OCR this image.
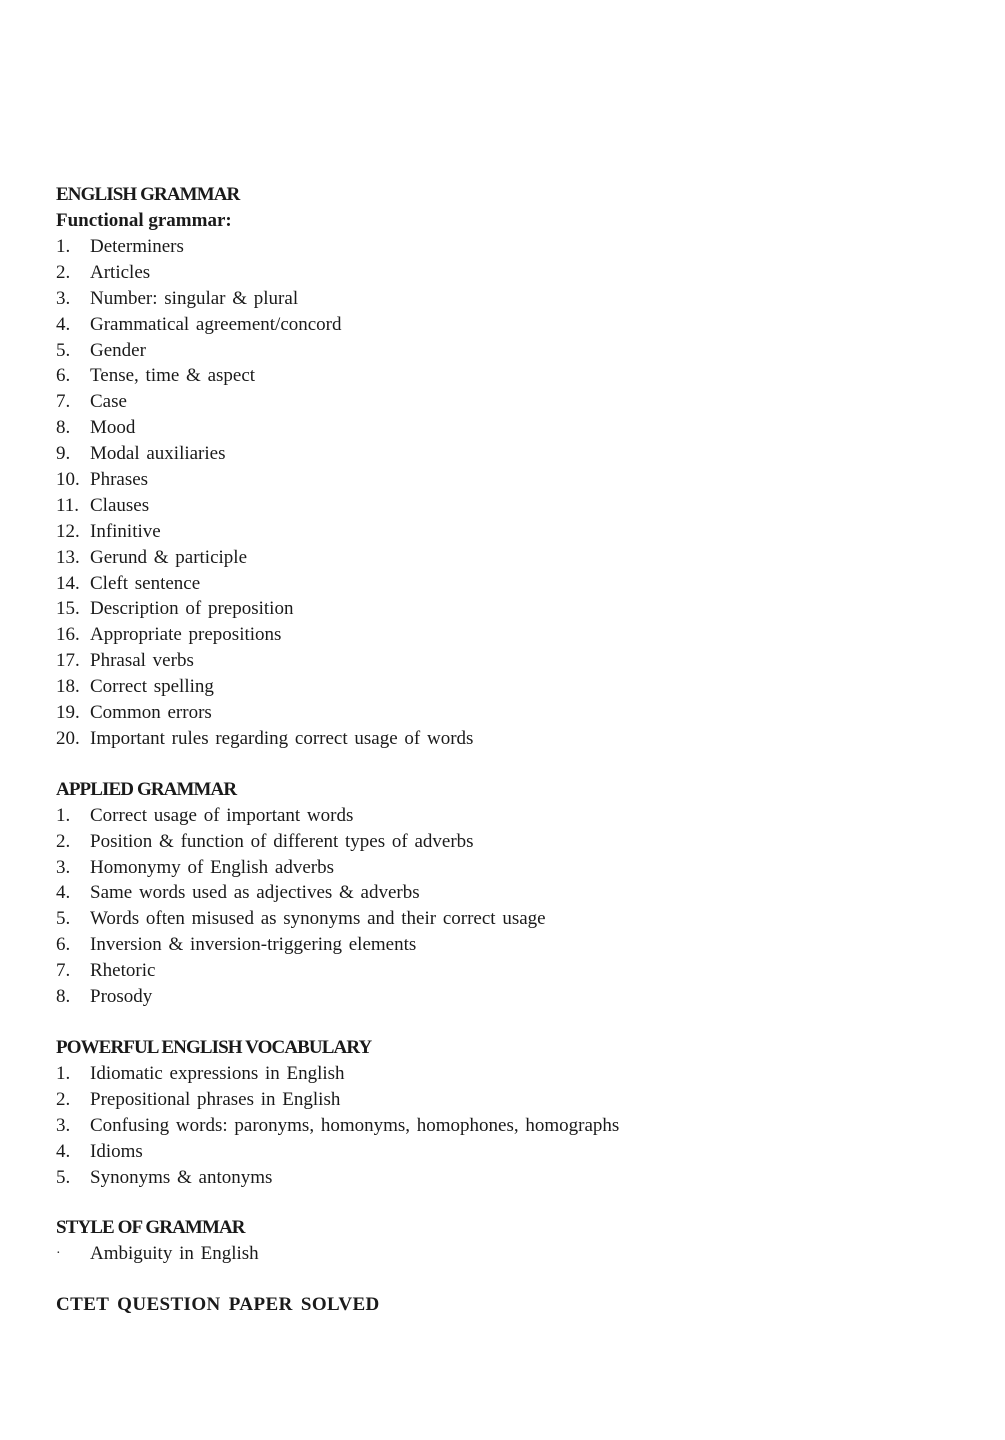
ENGLISH GRAMMAR
Functional grammar:
1.	Determiners
2.	Articles
3.	Number: singular & plural
4.	Grammatical agreement/concord
5.	Gender
6.	Tense, time & aspect
7.	Case
8.	Mood
9.	Modal auxiliaries
10. Phrases
11. Clauses
12. Infinitive
13. Gerund & participle
14. Cleft sentence
15. Description of preposition
16. Appropriate prepositions
17. Phrasal verbs
18. Correct spelling
19. Common errors
20. Important rules regarding correct usage of words
APPLIED GRAMMAR
1.	Correct usage of important words
2.	Position & function of different types of adverbs
3.	Homonymy of English adverbs
4.	Same words used as adjectives & adverbs
5.	Words often misused as synonyms and their correct usage
6.	Inversion & inversion-triggering elements
7.	Rhetoric
8.	Prosody
POWERFUL ENGLISH VOCABULARY
1.	Idiomatic expressions in English
2.	Prepositional phrases in English
3.	Confusing words: paronyms, homonyms, homophones, homographs
4.	Idioms
5.	Synonyms & antonyms
STYLE OF GRAMMAR
·	Ambiguity in English
CTET QUESTION PAPER SOLVED
